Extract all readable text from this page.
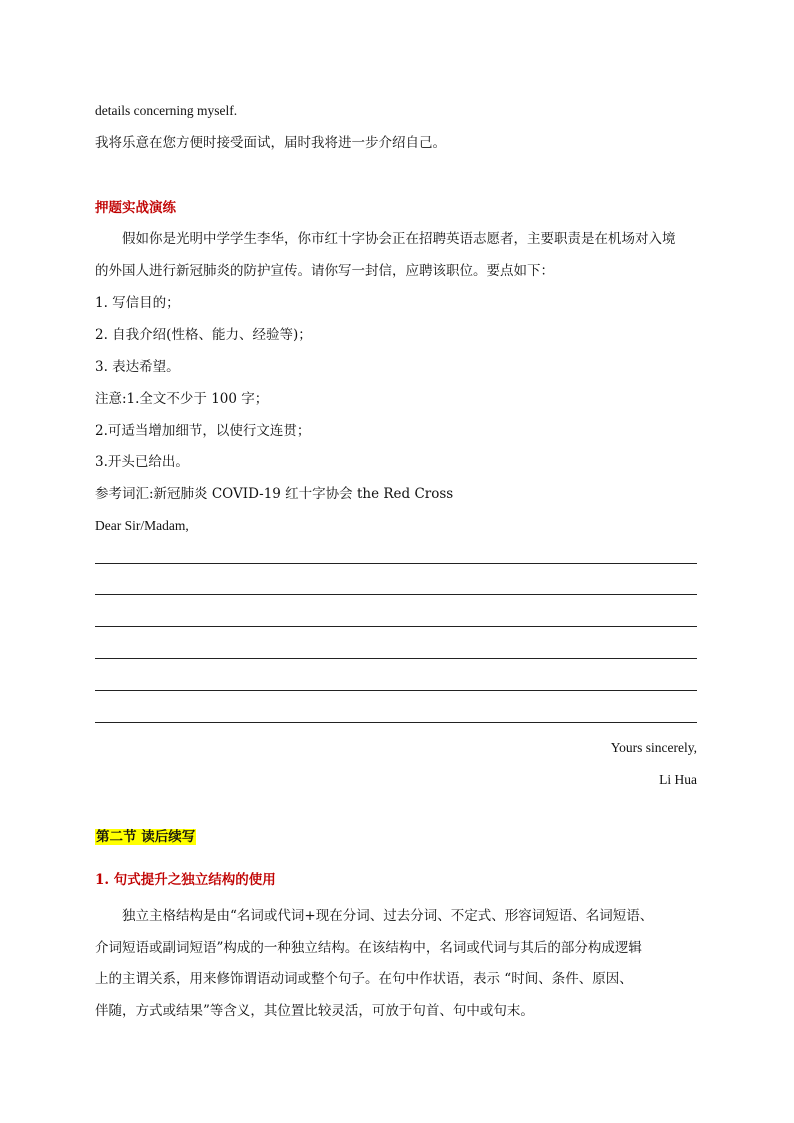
details concerning myself.
我将乐意在您方便时接受面试，届时我将进一步介绍自己。
押题实战演练
假如你是光明中学学生李华，你市红十字协会正在招聘英语志愿者，主要职责是在机场对入境
的外国人进行新冠肺炎的防护宣传。请你写一封信，应聘该职位。要点如下：
1. 写信目的；
2. 自我介绍(性格、能力、经验等)；
3. 表达希望。
注意:1.全文不少于 100 字；
2.可适当增加细节，以使行文连贯；
3.开头已给出。
参考词汇:新冠肺炎 COVID-19 红十字协会 the Red Cross
Dear Sir/Madam,
Yours sincerely,
Li Hua
第二节 读后续写
1. 句式提升之独立结构的使用
独立主格结构是由“名词或代词+现在分词、过去分词、不定式、形容词短语、名词短语、
介词短语或副词短语”构成的一种独立结构。在该结构中，名词或代词与其后的部分构成逻辑
上的主谓关系，用来修饰谓语动词或整个句子。在句中作状语，表示 “时间、条件、原因、
伴随，方式或结果”等含义，其位置比较灵活，可放于句首、句中或句末。
